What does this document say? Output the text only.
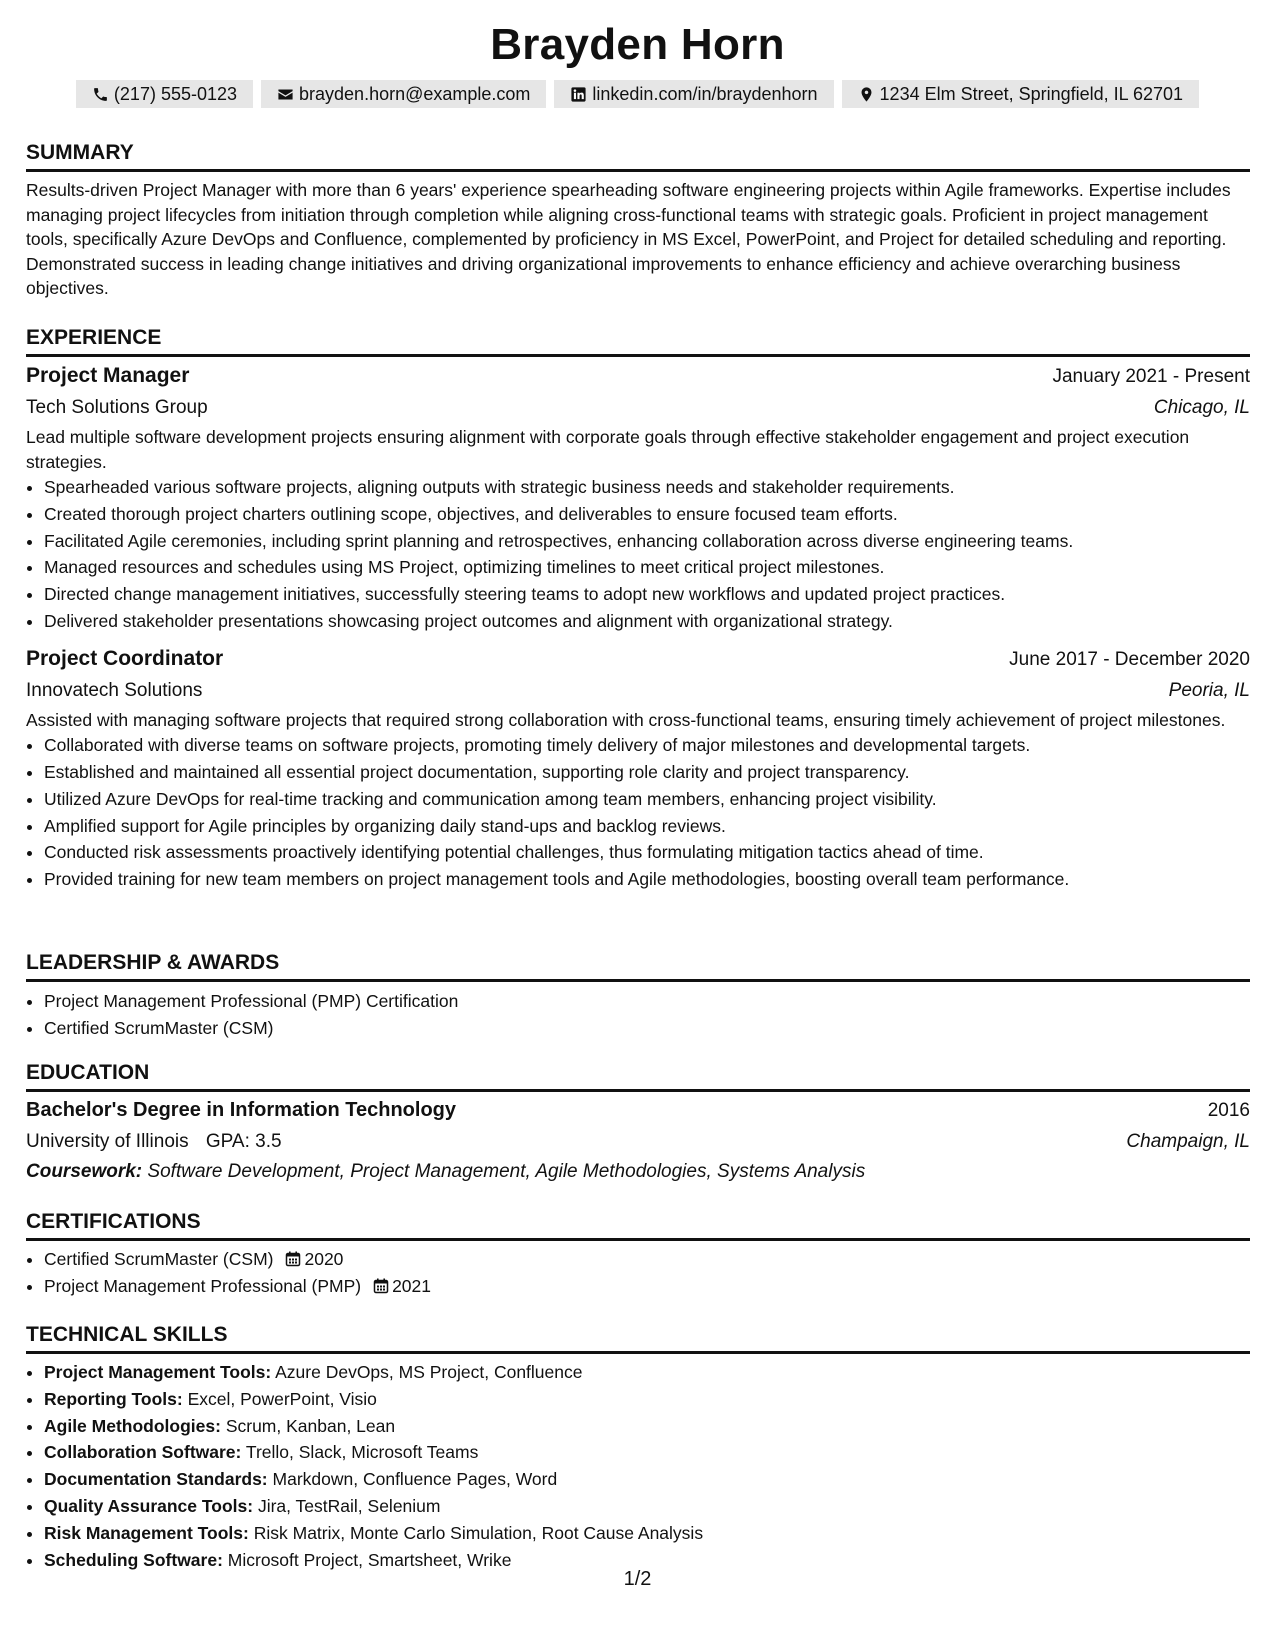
Brayden Horn
(217) 555-0123	brayden.horn@example.com	linkedin.com/in/braydenhorn	1234 Elm Street, Springfield, IL 62701
SUMMARY
Results-driven Project Manager with more than 6 years' experience spearheading software engineering projects within Agile frameworks. Expertise includes managing project lifecycles from initiation through completion while aligning cross-functional teams with strategic goals. Proficient in project management tools, specifically Azure DevOps and Confluence, complemented by proficiency in MS Excel, PowerPoint, and Project for detailed scheduling and reporting. Demonstrated success in leading change initiatives and driving organizational improvements to enhance efficiency and achieve overarching business objectives.
EXPERIENCE
Project Manager	January 2021 - Present
Tech Solutions Group	Chicago, IL
Lead multiple software development projects ensuring alignment with corporate goals through effective stakeholder engagement and project execution strategies.
• Spearheaded various software projects, aligning outputs with strategic business needs and stakeholder requirements.
• Created thorough project charters outlining scope, objectives, and deliverables to ensure focused team efforts.
• Facilitated Agile ceremonies, including sprint planning and retrospectives, enhancing collaboration across diverse engineering teams.
• Managed resources and schedules using MS Project, optimizing timelines to meet critical project milestones.
• Directed change management initiatives, successfully steering teams to adopt new workflows and updated project practices.
• Delivered stakeholder presentations showcasing project outcomes and alignment with organizational strategy.
Project Coordinator	June 2017 - December 2020
Innovatech Solutions	Peoria, IL
Assisted with managing software projects that required strong collaboration with cross-functional teams, ensuring timely achievement of project milestones.
• Collaborated with diverse teams on software projects, promoting timely delivery of major milestones and developmental targets.
• Established and maintained all essential project documentation, supporting role clarity and project transparency.
• Utilized Azure DevOps for real-time tracking and communication among team members, enhancing project visibility.
• Amplified support for Agile principles by organizing daily stand-ups and backlog reviews.
• Conducted risk assessments proactively identifying potential challenges, thus formulating mitigation tactics ahead of time.
• Provided training for new team members on project management tools and Agile methodologies, boosting overall team performance.
LEADERSHIP & AWARDS
• Project Management Professional (PMP) Certification
• Certified ScrumMaster (CSM)
EDUCATION
Bachelor's Degree in Information Technology	2016
University of Illinois GPA: 3.5	Champaign, IL
Coursework: Software Development, Project Management, Agile Methodologies, Systems Analysis
CERTIFICATIONS
• Certified ScrumMaster (CSM) 2020
• Project Management Professional (PMP) 2021
TECHNICAL SKILLS
• Project Management Tools: Azure DevOps, MS Project, Confluence
• Reporting Tools: Excel, PowerPoint, Visio
• Agile Methodologies: Scrum, Kanban, Lean
• Collaboration Software: Trello, Slack, Microsoft Teams
• Documentation Standards: Markdown, Confluence Pages, Word
• Quality Assurance Tools: Jira, TestRail, Selenium
• Risk Management Tools: Risk Matrix, Monte Carlo Simulation, Root Cause Analysis
• Scheduling Software: Microsoft Project, Smartsheet, Wrike
1/2
